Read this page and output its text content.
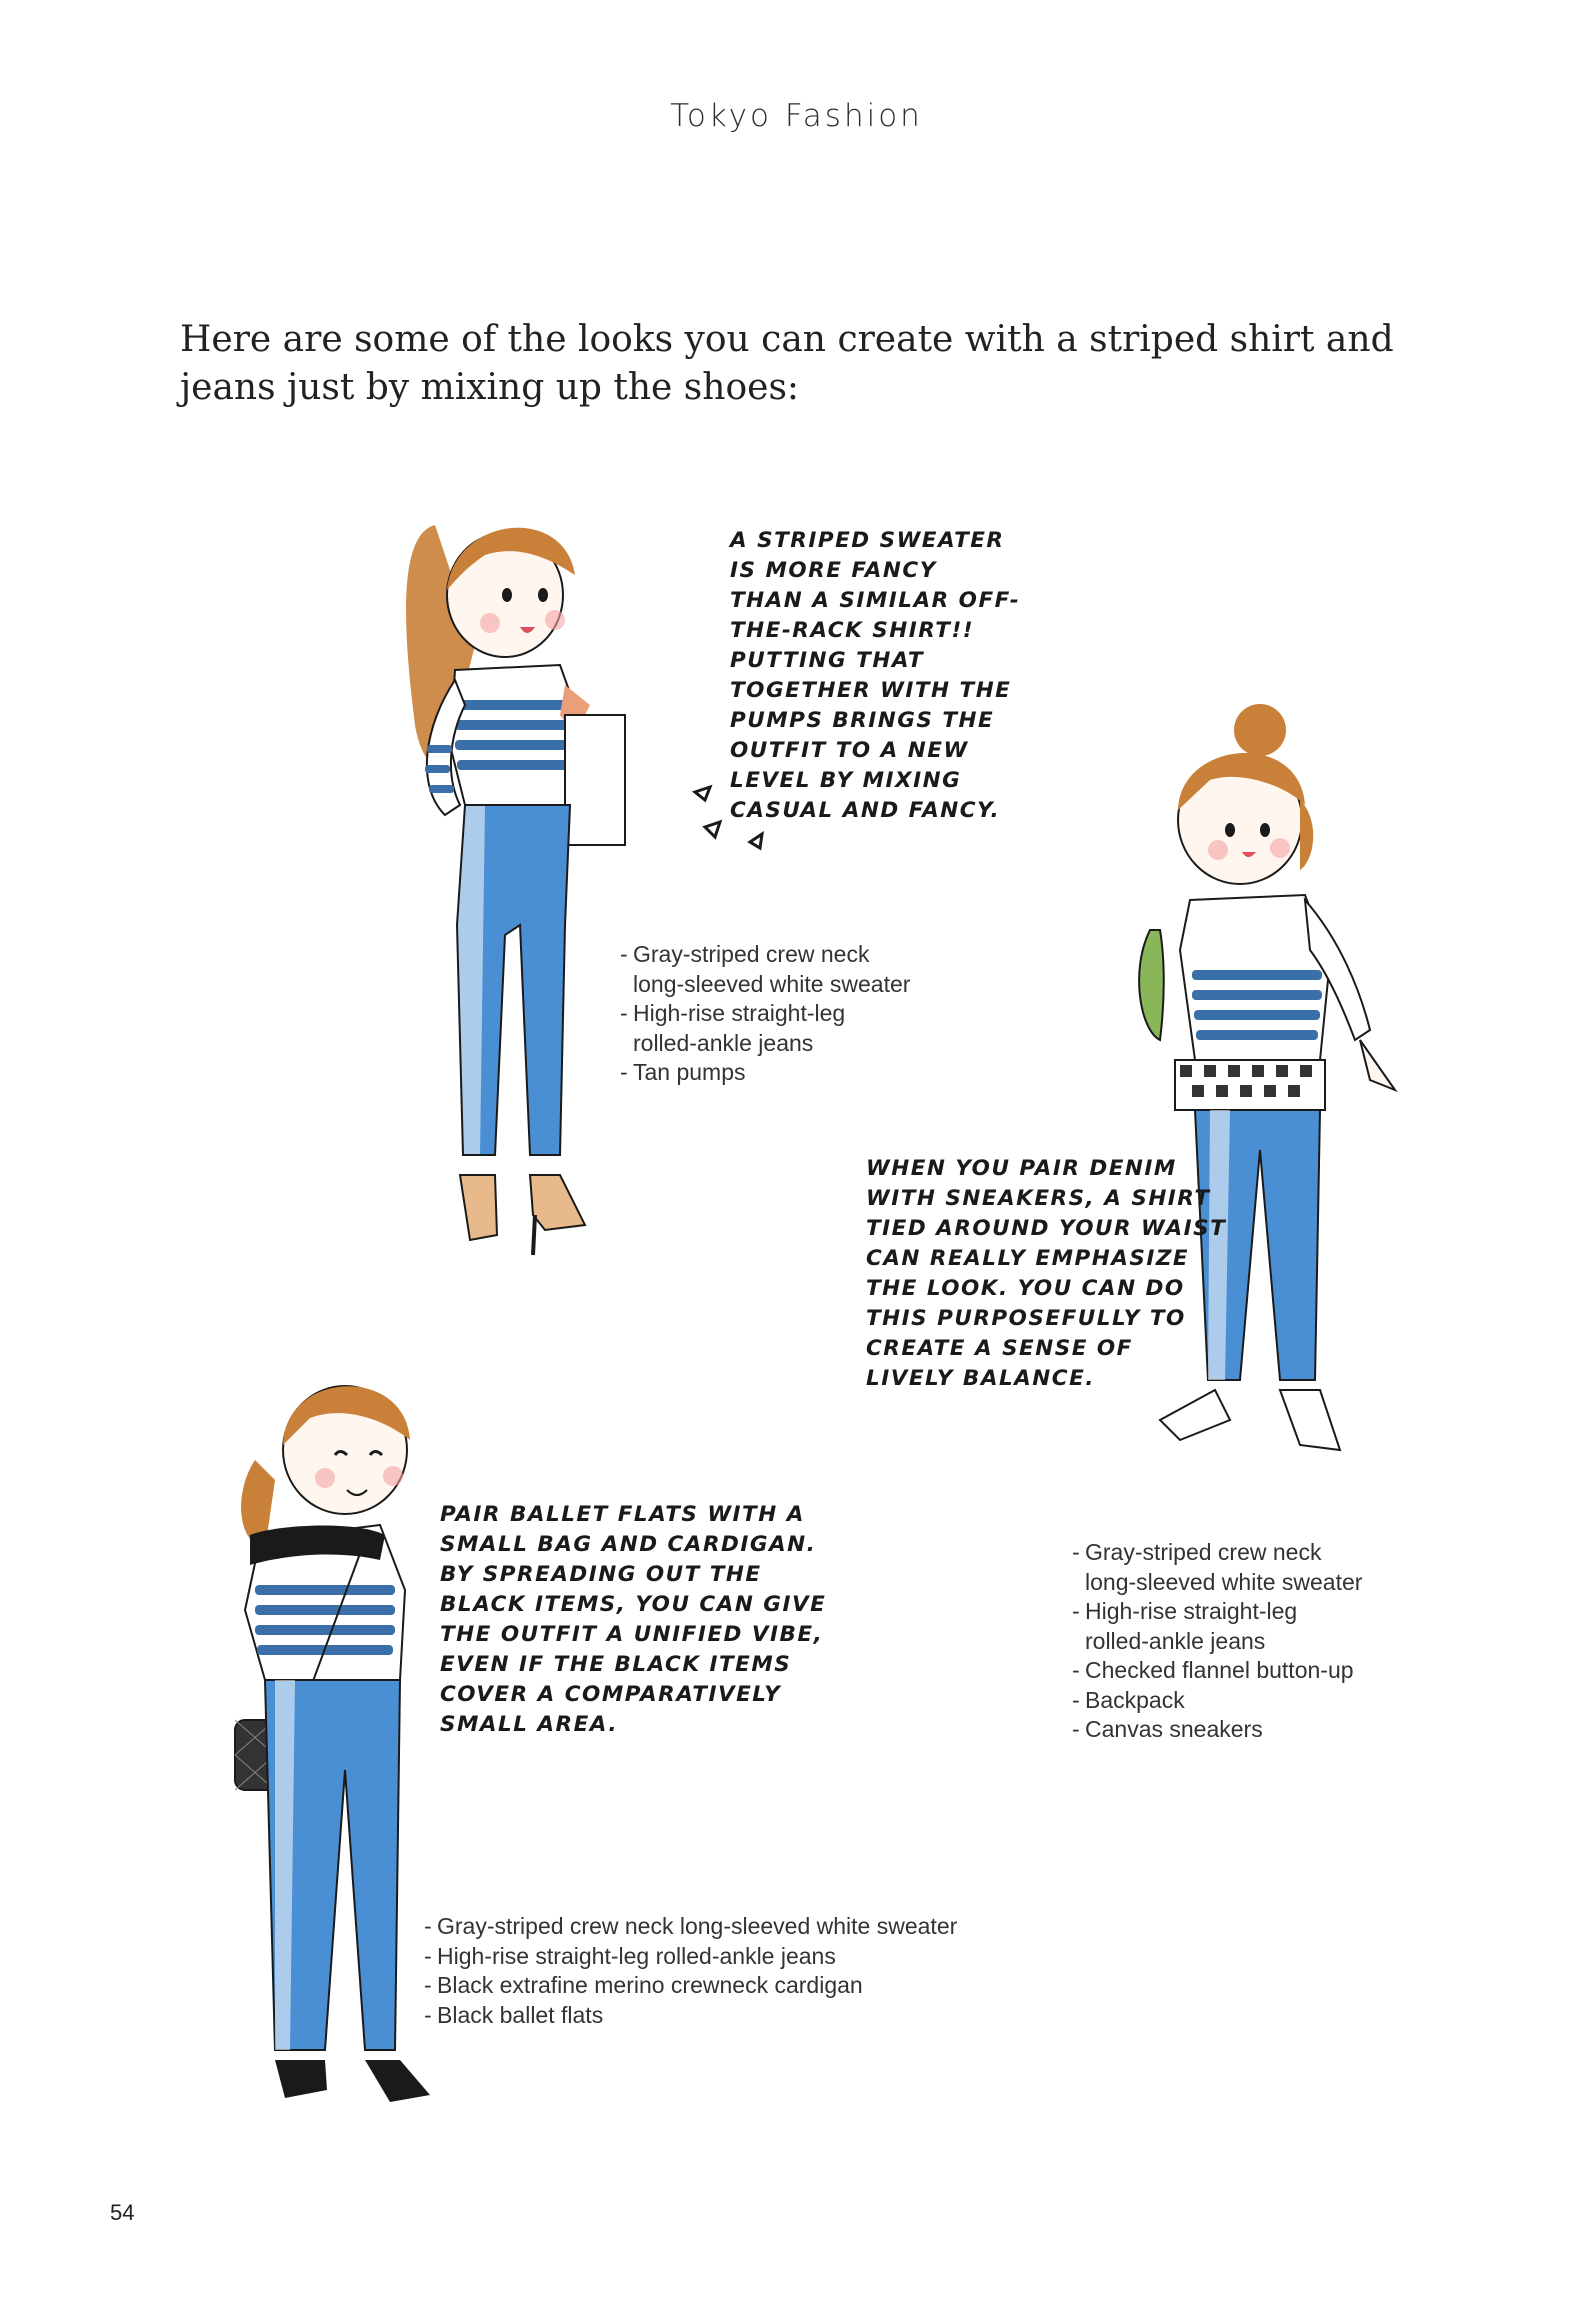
Tokyo Fashion
Here are some of the looks you can create with a striped shirt and jeans just by mixing up the shoes:
A STRIPED SWEATER
IS MORE FANCY
THAN A SIMILAR OFF-
THE-RACK SHIRT!!
PUTTING THAT
TOGETHER WITH THE
PUMPS BRINGS THE
OUTFIT TO A NEW
LEVEL BY MIXING
CASUAL AND FANCY.
- Gray-striped crew neck
long-sleeved white sweater
- High-rise straight-leg
rolled-ankle jeans
- Tan pumps
WHEN YOU PAIR DENIM
WITH SNEAKERS, A SHIRT
TIED AROUND YOUR WAIST
CAN REALLY EMPHASIZE
THE LOOK. YOU CAN DO
THIS PURPOSEFULLY TO
CREATE A SENSE OF
LIVELY BALANCE.
- Gray-striped crew neck
long-sleeved white sweater
- High-rise straight-leg
rolled-ankle jeans
- Checked flannel button-up
- Backpack
- Canvas sneakers
PAIR BALLET FLATS WITH A
SMALL BAG AND CARDIGAN.
BY SPREADING OUT THE
BLACK ITEMS, YOU CAN GIVE
THE OUTFIT A UNIFIED VIBE,
EVEN IF THE BLACK ITEMS
COVER A COMPARATIVELY
SMALL AREA.
- Gray-striped crew neck long-sleeved white sweater
- High-rise straight-leg rolled-ankle jeans
- Black extrafine merino crewneck cardigan
- Black ballet flats
54
